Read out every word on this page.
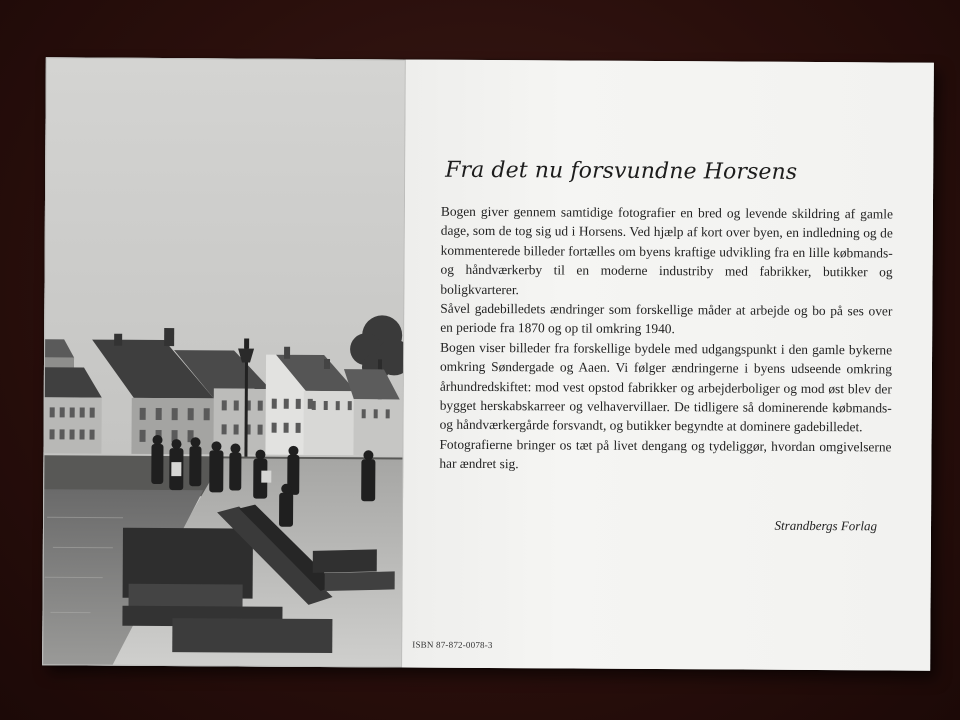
Fra det nu forsvundne Horsens

Bogen giver gennem samtidige fotografier en bred og levende skildring af gamle dage, som de tog sig ud i Horsens. Ved hjælp af kort over byen, en indledning og de kommenterede billeder fortælles om byens kraftige udvikling fra en lille købmands- og håndværkerby til en moderne industriby med fabrikker, butikker og boligkvarterer.

Såvel gadebilledets ændringer som forskellige måder at arbejde og bo på ses over en periode fra 1870 og op til omkring 1940.

Bogen viser billeder fra forskellige bydele med udgangspunkt i den gamle bykerne omkring Søndergade og Aaen. Vi følger ændringerne i byens udseende omkring århundredskiftet: mod vest opstod fabrikker og arbejderboliger og mod øst blev der bygget herskabskarreer og velhavervillaer. De tidligere så dominerende købmands- og håndværkergårde forsvandt, og butikker begyndte at dominere gadebilledet.

Fotografierne bringer os tæt på livet dengang og tydeliggør, hvordan omgivelserne har ændret sig.

Strandbergs Forlag
ISBN 87-872-0078-3
